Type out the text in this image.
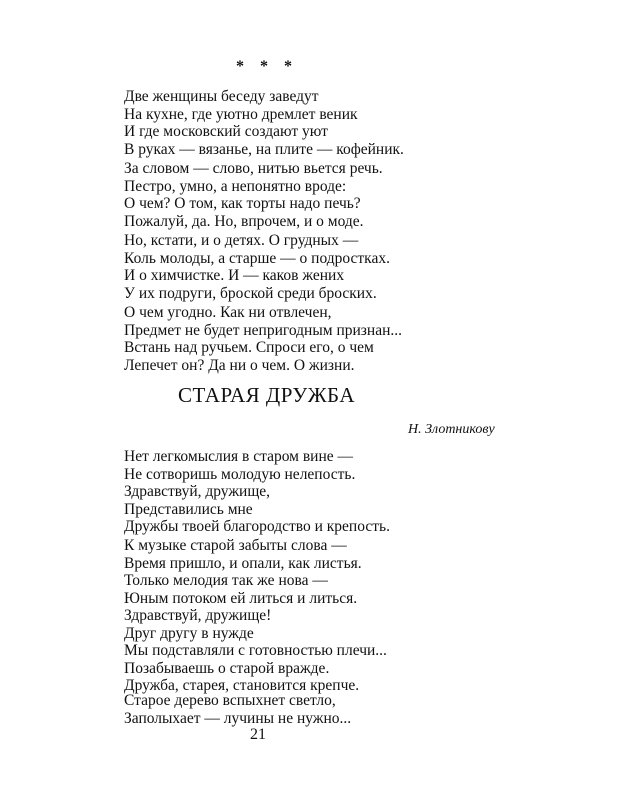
* * *
Две женщины беседу заведут
На кухне, где уютно дремлет веник
И где московский создают уют
В руках — вязанье, на плите — кофейник.
За словом — слово, нитью вьется речь.
Пестро, умно, а непонятно вроде:
О чем? О том, как торты надо печь?
Пожалуй, да. Но, впрочем, и о моде.
Но, кстати, и о детях. О грудных —
Коль молоды, а старше — о подростках.
И о химчистке. И — каков жених
У их подруги, броской среди броских.
О чем угодно. Как ни отвлечен,
Предмет не будет непригодным признан...
Встань над ручьем. Спроси его, о чем
Лепечет он? Да ни о чем. О жизни.
СТАРАЯ ДРУЖБА
Н. Злотникову
Нет легкомыслия в старом вине —
Не сотворишь молодую нелепость.
Здравствуй, дружище,
Представились мне
Дружбы твоей благородство и крепость.
К музыке старой забыты слова —
Время пришло, и опали, как листья.
Только мелодия так же нова —
Юным потоком ей литься и литься.
Здравствуй, дружище!
Друг другу в нужде
Мы подставляли с готовностью плечи...
Позабываешь о старой вражде.
Дружба, старея, становится крепче.
Старое дерево вспыхнет светло,
Заполыхает — лучины не нужно...
21
